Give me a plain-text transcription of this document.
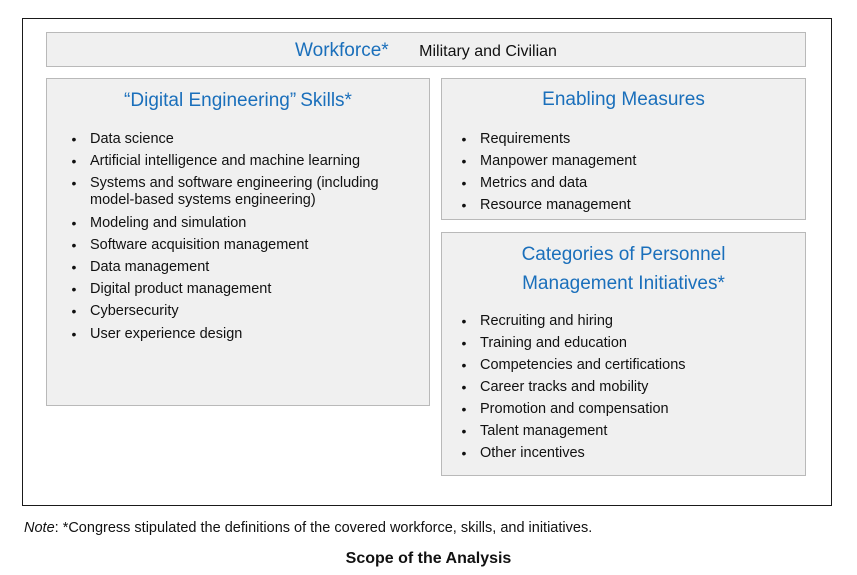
Workforce* Military and Civilian
“Digital Engineering” Skills*
• Data science
• Artificial intelligence and machine learning
• Systems and software engineering (including model-based systems engineering)
• Modeling and simulation
• Software acquisition management
• Data management
• Digital product management
• Cybersecurity
• User experience design
Enabling Measures
• Requirements
• Manpower management
• Metrics and data
• Resource management
Categories of Personnel
Management Initiatives*
• Recruiting and hiring
• Training and education
• Competencies and certifications
• Career tracks and mobility
• Promotion and compensation
• Talent management
• Other incentives
Note: *Congress stipulated the definitions of the covered workforce, skills, and initiatives.
Scope of the Analysis
